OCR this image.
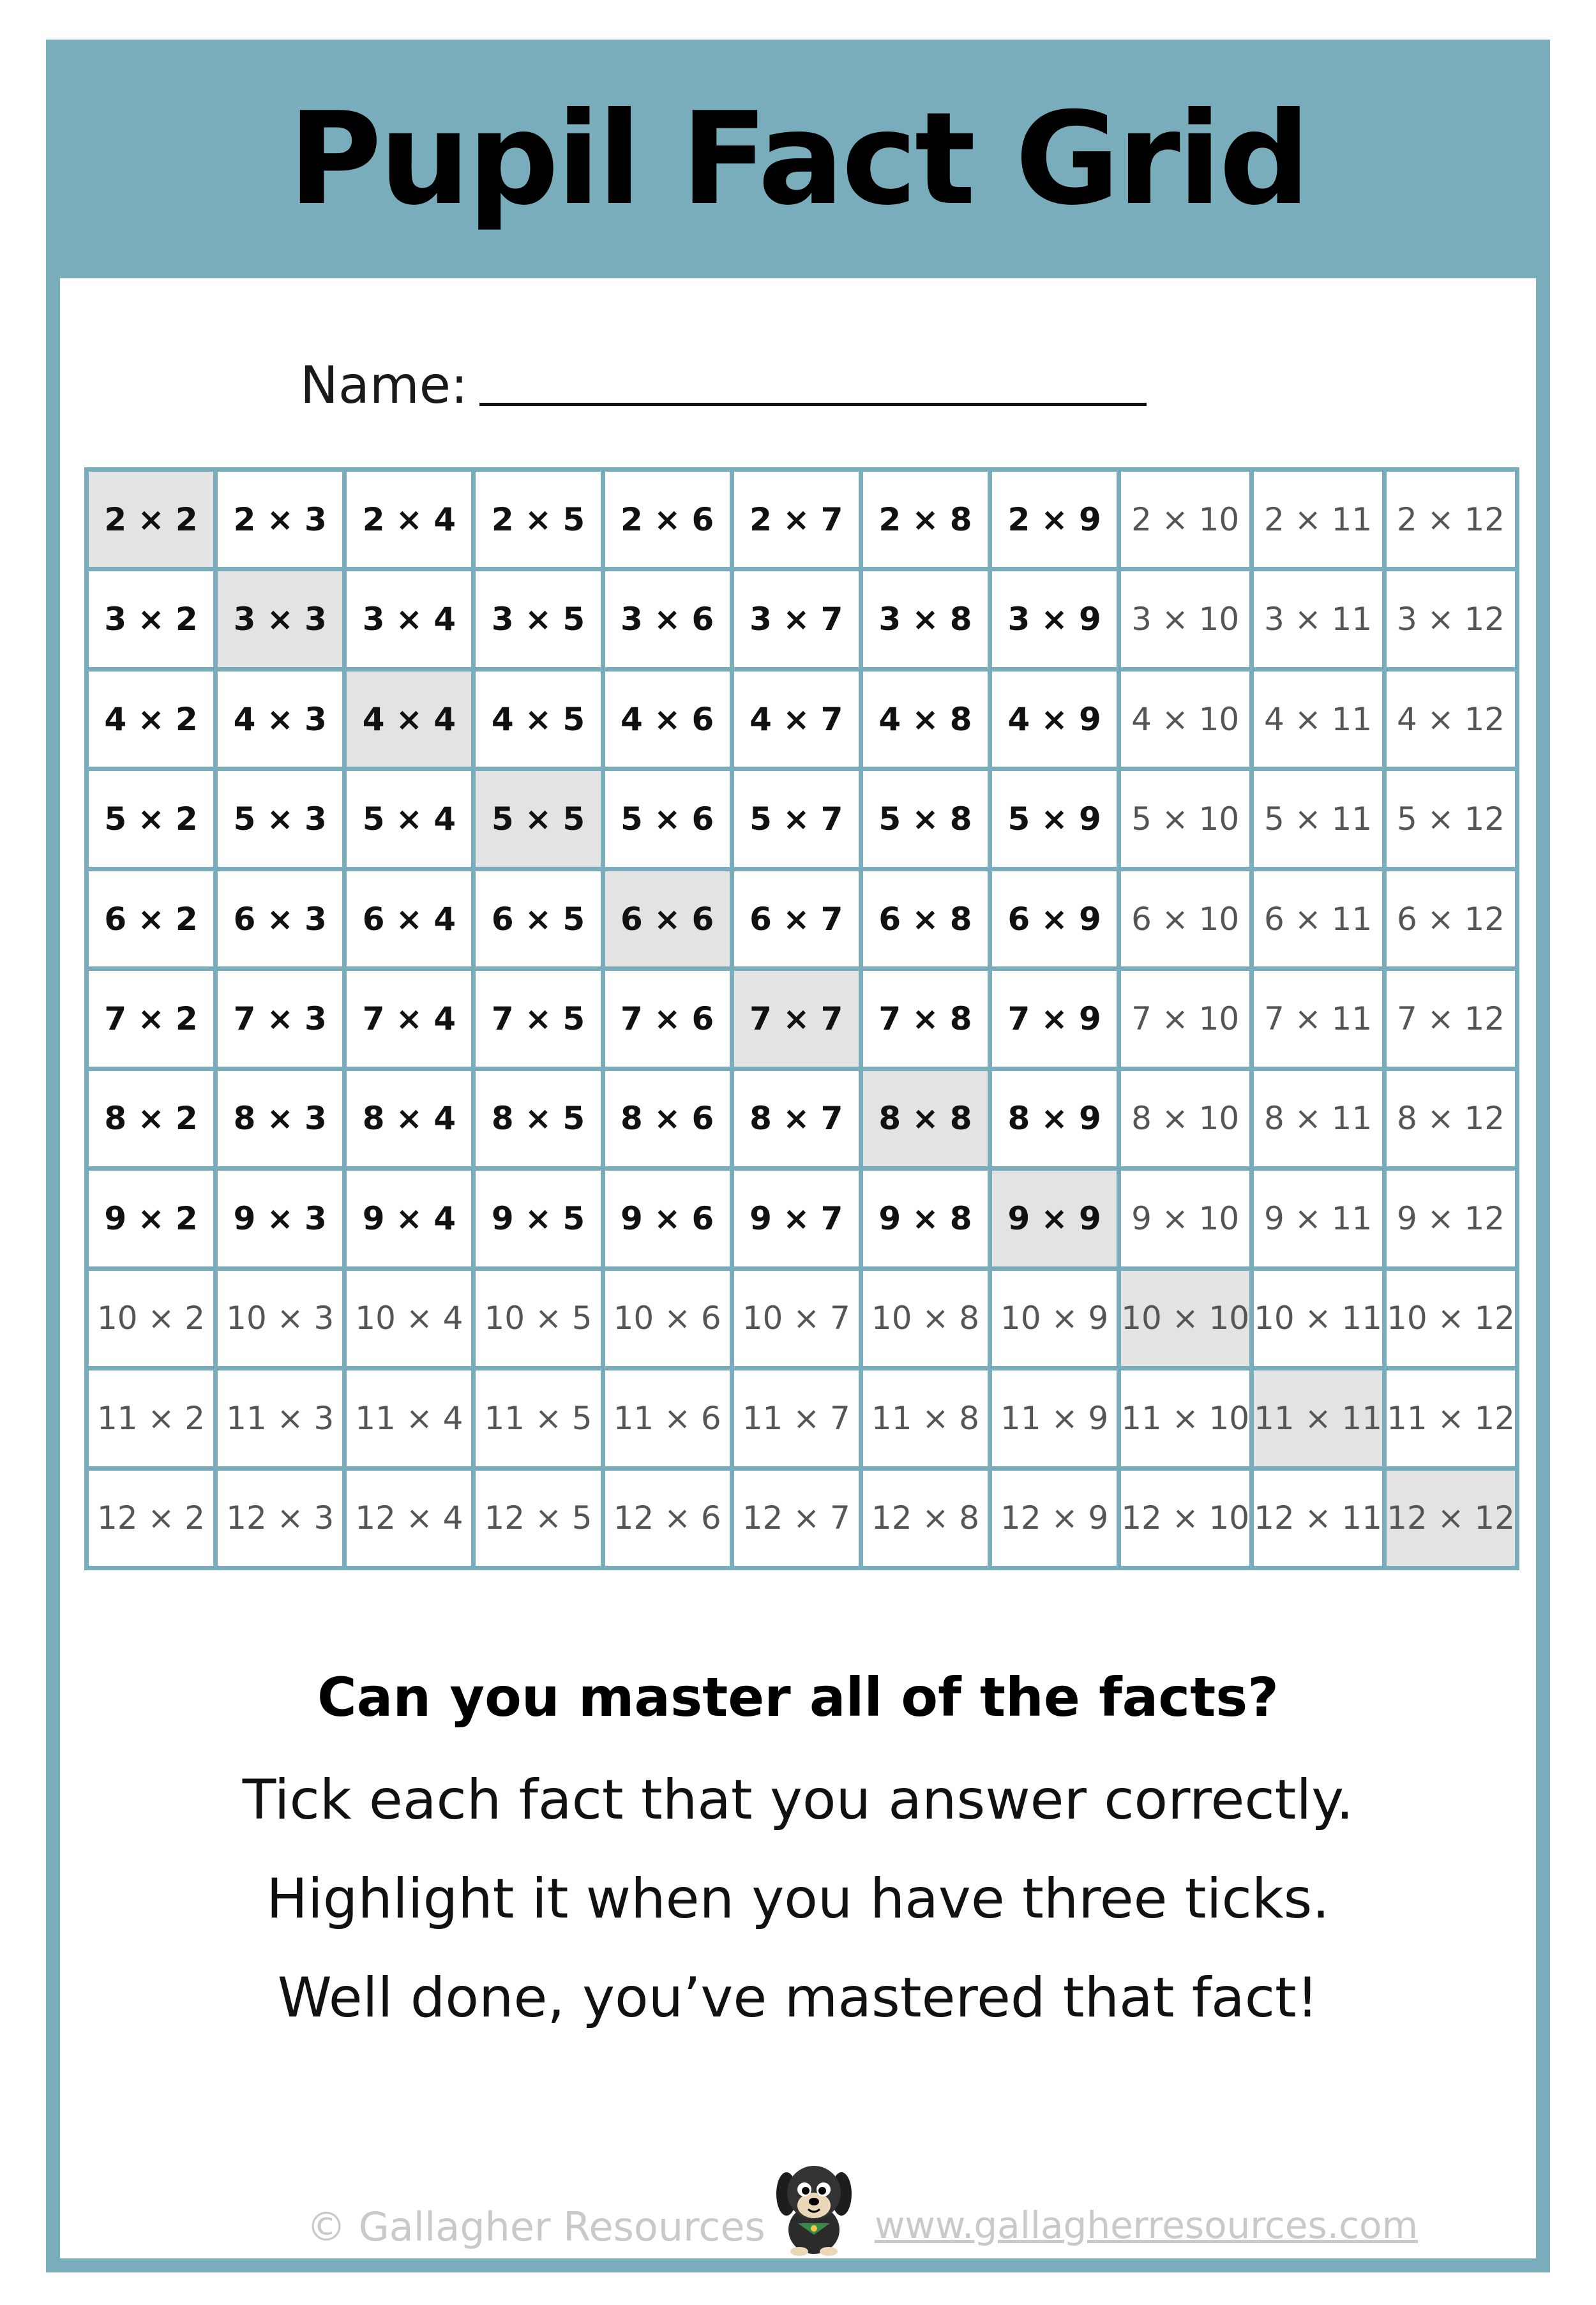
Pupil Fact Grid
Name:
2 × 2	2 × 3	2 × 4	2 × 5	2 × 6	2 × 7	2 × 8	2 × 9 2 × 10 2 × 11 2 × 12
3 × 2	3 × 3	3 × 4	3 × 5	3 × 6	3 × 7	3 × 8	3 × 9 3 × 10 3 × 11 3 × 12
4 × 2	4 × 3	4 × 4	4 × 5	4 × 6	4 × 7	4 × 8	4 × 9 4 × 10 4 × 11 4 × 12
5 × 2	5 × 3	5 × 4	5 × 5	5 × 6	5 × 7	5 × 8	5 × 9 5 × 10 5 × 11 5 × 12
6 × 2	6 × 3	6 × 4	6 × 5	6 × 6	6 × 7	6 × 8	6 × 9 6 × 10 6 × 11 6 × 12
7 × 2	7 × 3	7 × 4	7 × 5	7 × 6	7 × 7	7 × 8	7 × 9 7 × 10 7 × 11 7 × 12
8 × 2	8 × 3	8 × 4	8 × 5	8 × 6	8 × 7	8 × 8	8 × 9 8 × 10 8 × 11 8 × 12
9 × 2	9 × 3	9 × 4	9 × 5	9 × 6	9 × 7	9 × 8	9 × 9 9 × 10 9 × 11 9 × 12
10 × 2 10 × 3 10 × 4 10 × 5 10 × 6 10 × 7 10 × 8 10 × 9 10 × 10 10 × 11 10 × 12
11 × 2 11 × 3 11 × 4 11 × 5 11 × 6 11 × 7 11 × 8 11 × 9 11 × 10 11 × 11 11 × 12
12 × 2 12 × 3 12 × 4 12 × 5 12 × 6 12 × 7 12 × 8 12 × 9 12 × 10 12 × 11 12 × 12
Can you master all of the facts?
Tick each fact that you answer correctly.
Highlight it when you have three ticks.
Well done, you’ve mastered that fact!
© Gallagher Resources	www.gallagherresources.com
